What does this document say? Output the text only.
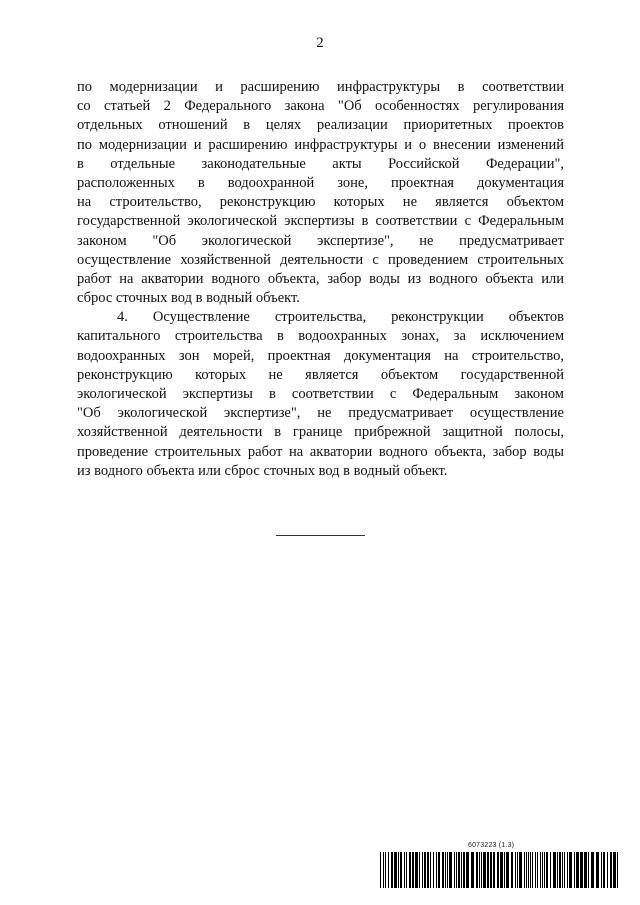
2
по модернизации и расширению инфраструктуры в соответствии
со статьей 2 Федерального закона "Об особенностях регулирования
отдельных отношений в целях реализации приоритетных проектов
по модернизации и расширению инфраструктуры и о внесении изменений
в отдельные законодательные акты Российской Федерации",
расположенных в водоохранной зоне, проектная документация
на строительство, реконструкцию которых не является объектом
государственной экологической экспертизы в соответствии с Федеральным
законом "Об экологической экспертизе", не предусматривает
осуществление хозяйственной деятельности с проведением строительных
работ на акватории водного объекта, забор воды из водного объекта или
сброс сточных вод в водный объект.
4. Осуществление строительства, реконструкции объектов
капитального строительства в водоохранных зонах, за исключением
водоохранных зон морей, проектная документация на строительство,
реконструкцию которых не является объектом государственной
экологической экспертизы в соответствии с Федеральным законом
"Об экологической экспертизе", не предусматривает осуществление
хозяйственной деятельности в границе прибрежной защитной полосы,
проведение строительных работ на акватории водного объекта, забор воды
из водного объекта или сброс сточных вод в водный объект.
6073223 (1.3)
